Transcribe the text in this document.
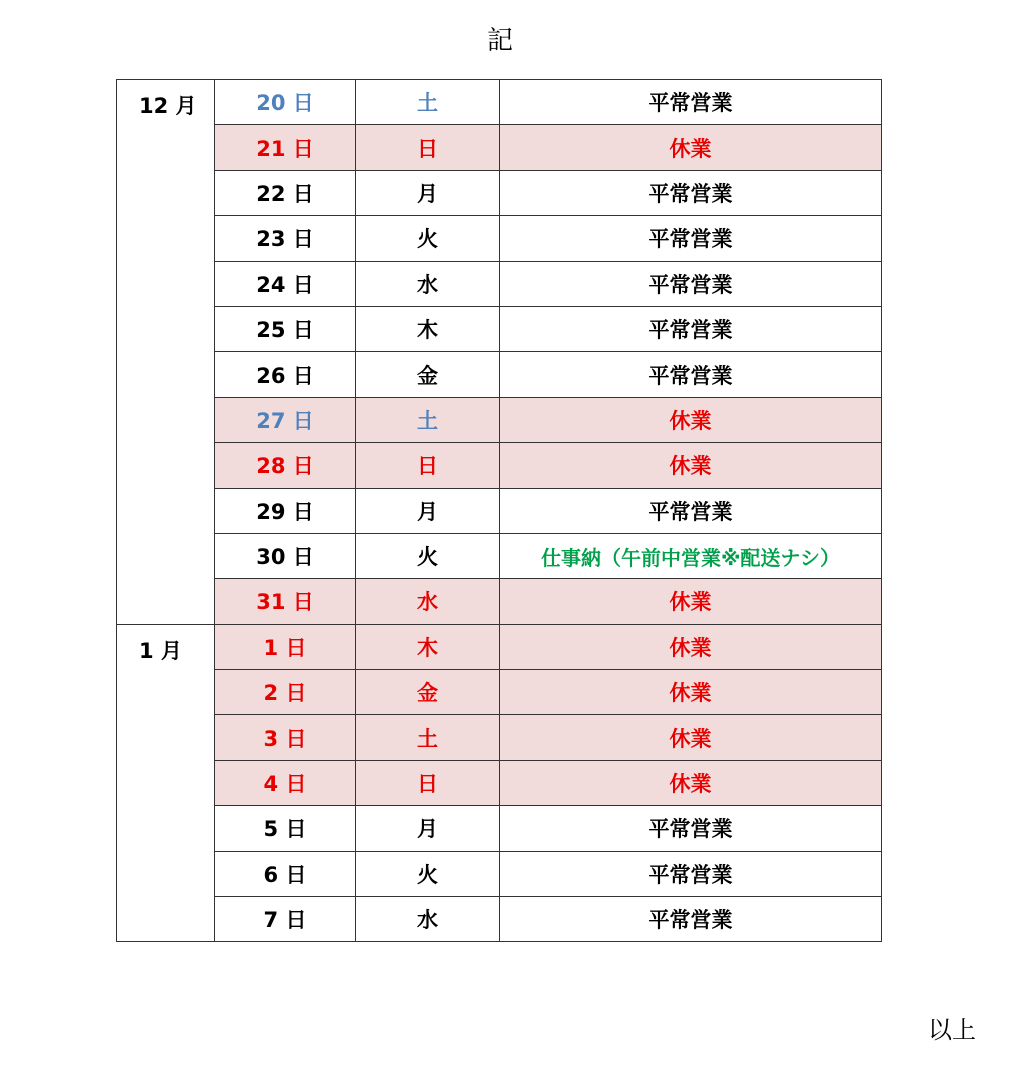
記
12 月	20 日	土	平常営業
	21 日	日	休業
	22 日	月	平常営業
	23 日	火	平常営業
	24 日	水	平常営業
	25 日	木	平常営業
	26 日	金	平常営業
	27 日	土	休業
	28 日	日	休業
	29 日	月	平常営業
	30 日	火	仕事納（午前中営業※配送ナシ）
	31 日	水	休業
1 月	1 日	木	休業
	2 日	金	休業
	3 日	土	休業
	4 日	日	休業
	5 日	月	平常営業
	6 日	火	平常営業
	7 日	水	平常営業
以上
